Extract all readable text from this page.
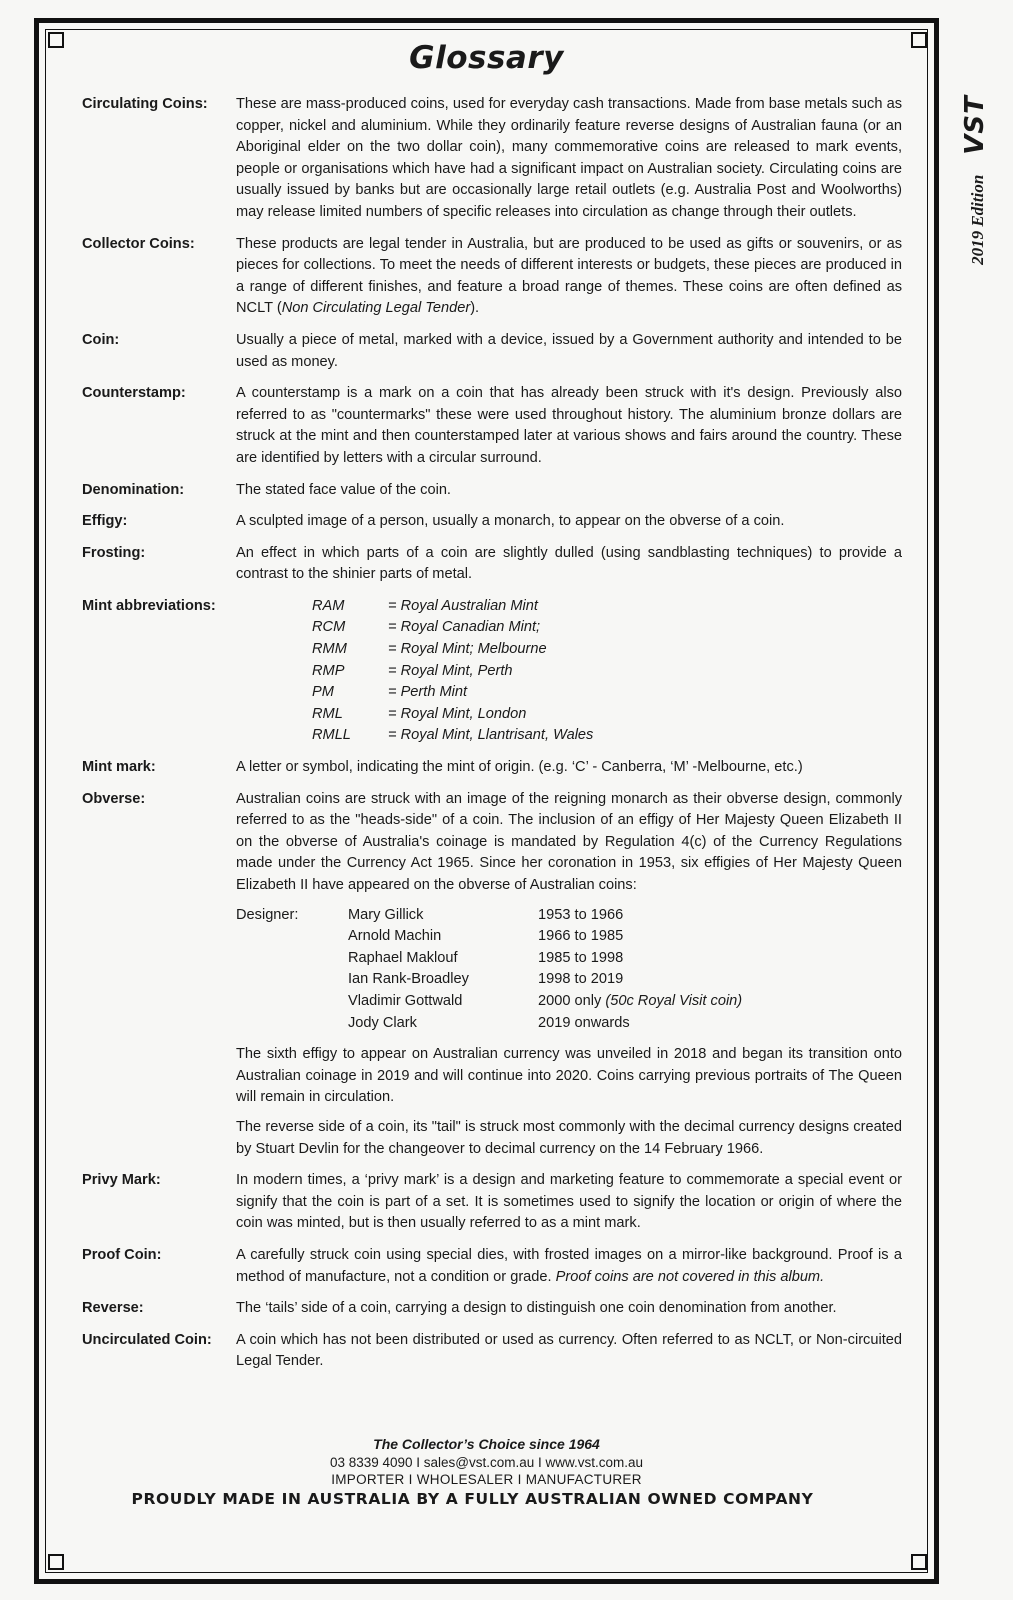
2019 Edition
VST
Glossary
Circulating Coins:	These are mass-produced coins, used for everyday cash transactions. Made from base metals such as copper, nickel and aluminium. While they ordinarily feature reverse designs of Australian fauna (or an Aboriginal elder on the two dollar coin), many commemorative coins are released to mark events, people or organisations which have had a significant impact on Australian society. Circulating coins are usually issued by banks but are occasionally large retail outlets (e.g. Australia Post and Woolworths) may release limited numbers of specific releases into circulation as change through their outlets.
Collector Coins:	These products are legal tender in Australia, but are produced to be used as gifts or souvenirs, or as pieces for collections. To meet the needs of different interests or budgets, these pieces are produced in a range of different finishes, and feature a broad range of themes. These coins are often defined as NCLT (Non Circulating Legal Tender).
Coin:	Usually a piece of metal, marked with a device, issued by a Government authority and intended to be used as money.
Counterstamp:	A counterstamp is a mark on a coin that has already been struck with it's design. Previously also referred to as "countermarks" these were used throughout history. The aluminium bronze dollars are struck at the mint and then counterstamped later at various shows and fairs around the country. These are identified by letters with a circular surround.
Denomination:	The stated face value of the coin.
Effigy:	A sculpted image of a person, usually a monarch, to appear on the obverse of a coin.
Frosting:	An effect in which parts of a coin are slightly dulled (using sandblasting techniques) to provide a contrast to the shinier parts of metal.
Mint abbreviations:	RAM	= Royal Australian Mint
RCM	= Royal Canadian Mint;
RMM	= Royal Mint; Melbourne
RMP	= Royal Mint, Perth
PM	= Perth Mint
RML	= Royal Mint, London
RMLL	= Royal Mint, Llantrisant, Wales
Mint mark:	A letter or symbol, indicating the mint of origin. (e.g. ‘C’ - Canberra, ‘M’ -Melbourne, etc.)
Obverse:	Australian coins are struck with an image of the reigning monarch as their obverse design, commonly referred to as the "heads-side" of a coin. The inclusion of an effigy of Her Majesty Queen Elizabeth II on the obverse of Australia's coinage is mandated by Regulation 4(c) of the Currency Regulations made under the Currency Act 1965. Since her coronation in 1953, six effigies of Her Majesty Queen Elizabeth II have appeared on the obverse of Australian coins:

Designer:	Mary Gillick	1953 to 1966
Arnold Machin	1966 to 1985
Raphael Maklouf	1985 to 1998
Ian Rank-Broadley	1998 to 2019
Vladimir Gottwald	2000 only (50c Royal Visit coin)
Jody Clark	2019 onwards

The sixth effigy to appear on Australian currency was unveiled in 2018 and began its transition onto Australian coinage in 2019 and will continue into 2020. Coins carrying previous portraits of The Queen will remain in circulation.

The reverse side of a coin, its "tail" is struck most commonly with the decimal currency designs created by Stuart Devlin for the changeover to decimal currency on the 14 February 1966.

Privy Mark:	In modern times, a ‘privy mark’ is a design and marketing feature to commemorate a special event or signify that the coin is part of a set. It is sometimes used to signify the location or origin of where the coin was minted, but is then usually referred to as a mint mark.
Proof Coin:	A carefully struck coin using special dies, with frosted images on a mirror-like background. Proof is a method of manufacture, not a condition or grade. Proof coins are not covered in this album.
Reverse:	The ‘tails’ side of a coin, carrying a design to distinguish one coin denomination from another.
Uncirculated Coin:	A coin which has not been distributed or used as currency. Often referred to as NCLT, or Non-circuited Legal Tender.
The Collector’s Choice since 1964
03 8339 4090 I sales@vst.com.au I www.vst.com.au
IMPORTER I WHOLESALER I MANUFACTURER
PROUDLY MADE IN AUSTRALIA BY A FULLY AUSTRALIAN OWNED COMPANY
